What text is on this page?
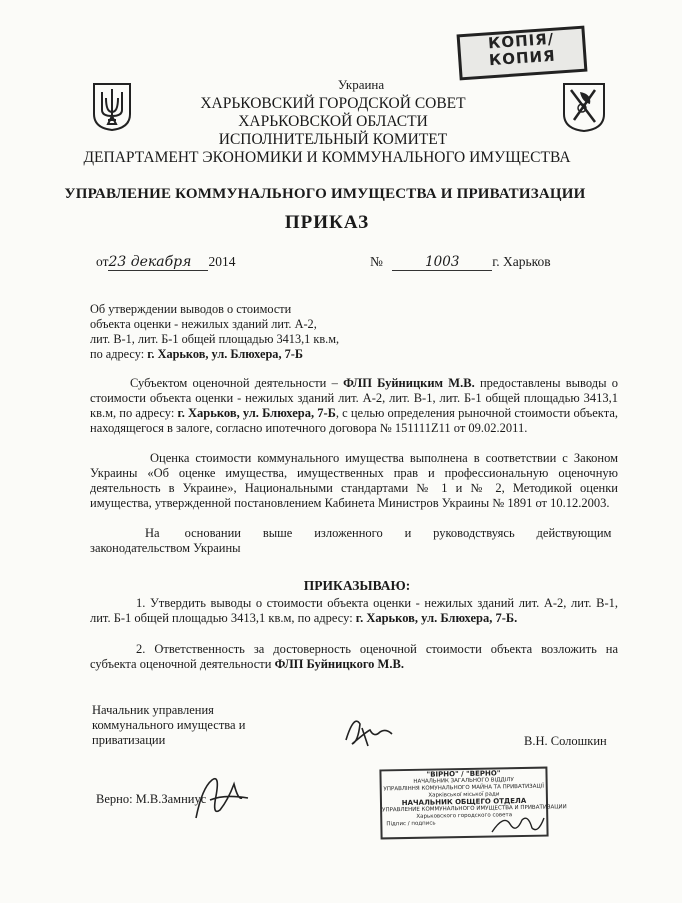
КОПIЯ/
КОПИЯ
Украина
ХАРЬКОВСКИЙ ГОРОДСКОЙ СОВЕТ
ХАРЬКОВСКОЙ ОБЛАСТИ
ИСПОЛНИТЕЛЬНЫЙ КОМИТЕТ
ДЕПАРТАМЕНТ ЭКОНОМИКИ И КОММУНАЛЬНОГО ИМУЩЕСТВА
УПРАВЛЕНИЕ КОММУНАЛЬНОГО ИМУЩЕСТВА И ПРИВАТИЗАЦИИ
ПРИКАЗ
от23 декабря 2014	№	1003 г. Харьков
Об утверждении выводов о стоимости
объекта оценки - нежилых зданий лит. А-2,
лит. В-1, лит. Б-1 общей площадью 3413,1 кв.м,
по адресу: г. Харьков, ул. Блюхера, 7-Б
Субъектом оценочной деятельности – ФЛП Буйницким М.В. предоставлены выводы о стоимости объекта оценки - нежилых зданий лит. А-2, лит. В-1, лит. Б-1 общей площадью 3413,1 кв.м, по адресу: г. Харьков, ул. Блюхера, 7-Б, с целью определения рыночной стоимости объекта, находящегося в залоге, согласно ипотечного договора № 151111Z11 от 09.02.2011.
Оценка стоимости коммунального имущества выполнена в соответствии с Законом Украины «Об оценке имущества, имущественных прав и профессиональную оценочную деятельность в Украине», Национальными стандартами № 1 и № 2, Методикой оценки имущества, утвержденной постановлением Кабинета Министров Украины № 1891 от 10.12.2003.
На        основании       выше       изложенного       и       руководствуясь       действующим законодательством Украины
ПРИКАЗЫВАЮ:
1. Утвердить выводы о стоимости объекта оценки - нежилых зданий лит. А-2, лит. В-1, лит. Б-1 общей площадью 3413,1 кв.м, по адресу: г. Харьков, ул. Блюхера, 7-Б.
2. Ответственность за достоверность оценочной стоимости объекта возложить на субъекта оценочной деятельности ФЛП Буйницкого М.В.
Начальник управления
коммунального имущества и
приватизации	В.Н. Солошкин
Верно: М.В.Замниус
"ВІРНО" / "ВЕРНО"
НАЧАЛЬНИК ЗАГАЛЬНОГО ВІДДІЛУ
УПРАВЛІННЯ КОМУНАЛЬНОГО МАЙНА ТА ПРИВАТИЗАЦІЇ
Харківської міської ради
НАЧАЛЬНИК ОБЩЕГО ОТДЕЛА
УПРАВЛЕНИЕ КОММУНАЛЬНОГО ИМУЩЕСТВА И ПРИВАТИЗАЦИИ
Харьковского городского совета
Підпис / подпись
